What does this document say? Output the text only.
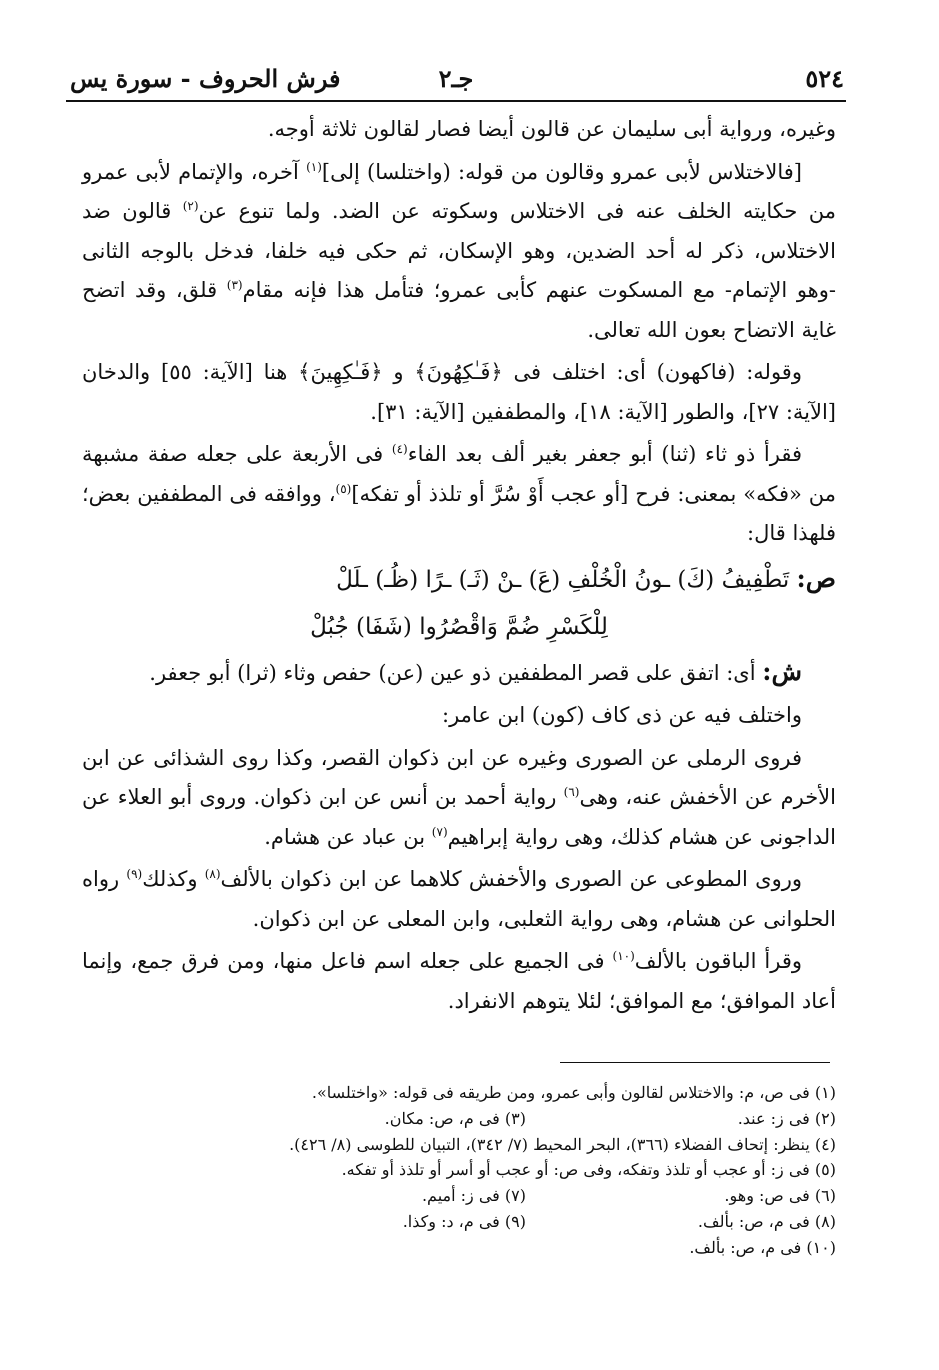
٥٢٤
جـ٢
فرش الحروف - سورة يس

وغيره، ورواية أبى سليمان عن قالون أيضا فصار لقالون ثلاثة أوجه.

[فالاختلاس لأبى عمرو وقالون من قوله: (واختلسا) إلى]$^{(١)}$ آخره، والإتمام لأبى عمرو من حكايته الخلف عنه فى الاختلاس وسكوته عن الضد. ولما تنوع عن$^{(٢)}$ قالون ضد الاختلاس، ذكر له أحد الضدين، وهو الإسكان، ثم حكى فيه خلفا، فدخل بالوجه الثانى -وهو الإتمام- مع المسكوت عنهم كأبى عمرو؛ فتأمل هذا فإنه مقام$^{(٣)}$ قلق، وقد اتضح غاية الاتضاح بعون الله تعالى.

وقوله: (فاكهون) أى: اختلف فى ﴿فَـٰكِهُونَ﴾ و ﴿فَـٰكِهِينَ﴾ هنا [الآية: ٥٥] والدخان [الآية: ٢٧]، والطور [الآية: ١٨]، والمطففين [الآية: ٣١].

فقرأ ذو ثاء (ثنا) أبو جعفر بغير ألف بعد الفاء$^{(٤)}$ فى الأربعة على جعله صفة مشبهة من «فكه» بمعنى: فرح [أو عجب أَوْ سُرَّ أو تلذذ أو تفكه]$^{(٥)}$، ووافقه فى المطففين بعض؛ فلهذا قال:

ص: تَطْفِيفُ (كَ) ـونُ الْخُلْفِ (عَ) ـنْ (ثَـ) ـرًا (ظُـ) ـلَلْ

لِلْكَسْرِ ضُمَّ وَاقْصُرُوا (شَفَا) جُبُلْ

ش: أى: اتفق على قصر المطففين ذو عين (عن) حفص وثاء (ثرا) أبو جعفر.

واختلف فيه عن ذى كاف (كون) ابن عامر:

فروى الرملى عن الصورى وغيره عن ابن ذكوان القصر، وكذا روى الشذائى عن ابن الأخرم عن الأخفش عنه، وهى$^{(٦)}$ رواية أحمد بن أنس عن ابن ذكوان. وروى أبو العلاء عن الداجونى عن هشام كذلك، وهى رواية إبراهيم$^{(٧)}$ بن عباد عن هشام.

وروى المطوعى عن الصورى والأخفش كلاهما عن ابن ذكوان بالألف$^{(٨)}$ وكذلك$^{(٩)}$ رواه الحلوانى عن هشام، وهى رواية الثعلبى، وابن المعلى عن ابن ذكوان.

وقرأ الباقون بالألف$^{(١٠)}$ فى الجميع على جعله اسم فاعل منها، ومن فرق جمع، وإنما أعاد الموافق؛ مع الموافق؛ لئلا يتوهم الانفراد.

(١) فى ص، م: والاختلاس لقالون وأبى عمرو، ومن طريقه فى قوله: «واختلسا».
(٢) فى ز: عند.
(٣) فى م، ص: مكان.
(٤) ينظر: إتحاف الفضلاء (٣٦٦)، البحر المحيط (٧/ ٣٤٢)، التبيان للطوسى (٨/ ٤٢٦).
(٥) فى ز: أو عجب أو تلذذ وتفكه، وفى ص: أو عجب أو أسر أو تلذذ أو تفكه.
(٦) فى ص: وهو.
(٧) فى ز: أميم.
(٨) فى م، ص: بألف.
(٩) فى م، د: وكذا.
(١٠) فى م، ص: بألف.
